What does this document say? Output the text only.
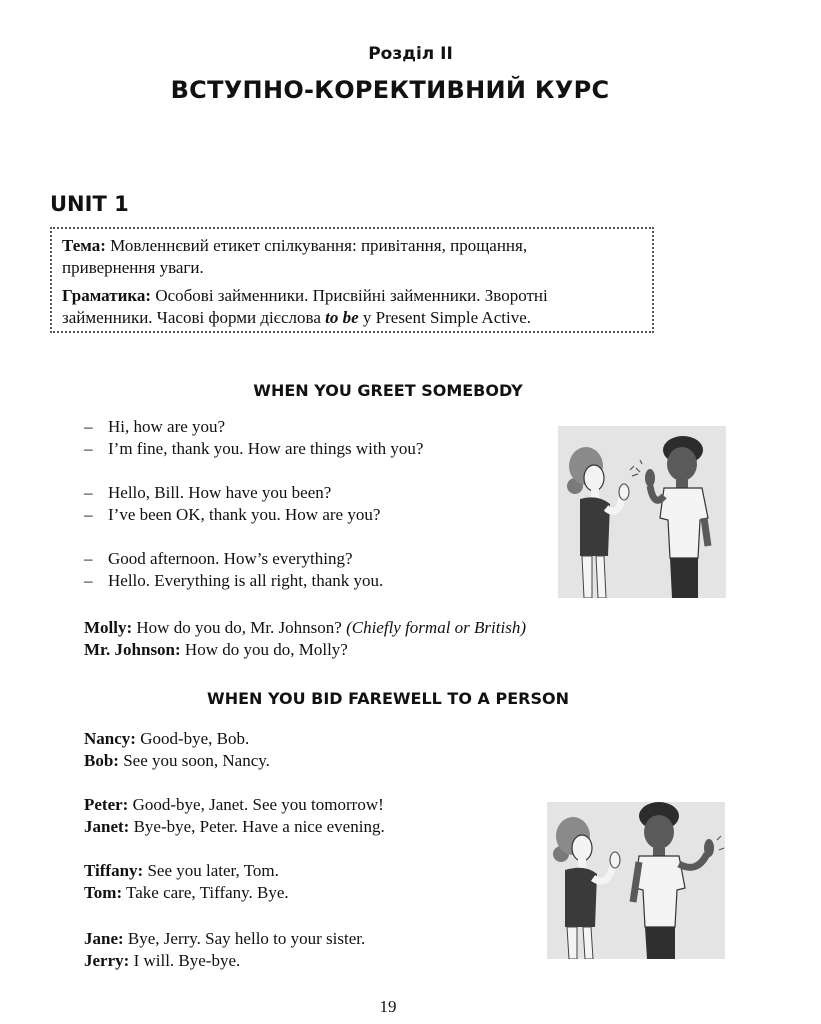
Розділ II
ВСТУПНО-КОРЕКТИВНИЙ КУРС
UNIT 1

Тема: Мовленнєвий етикет спілкування: привітання, прощання,
привернення уваги.

Граматика: Особові займенники. Присвійні займенники. Зворотні
займенники. Часові форми дієслова to be у Present Simple Active.

WHEN YOU GREET SOMEBODY
– Hi, how are you?
– I’m fine, thank you. How are things with you?
– Hello, Bill. How have you been?
– I’ve been OK, thank you. How are you?
– Good afternoon. How’s everything?
– Hello. Everything is all right, thank you.
Molly: How do you do, Mr. Johnson? (Chiefly formal or British)
Mr. Johnson: How do you do, Molly?
WHEN YOU BID FAREWELL TO A PERSON
Nancy: Good-bye, Bob.
Bob: See you soon, Nancy.
Peter: Good-bye, Janet. See you tomorrow!
Janet: Bye-bye, Peter. Have a nice evening.
Tiffany: See you later, Tom.
Tom: Take care, Tiffany. Bye.
Jane: Bye, Jerry. Say hello to your sister.
Jerry: I will. Bye-bye.
19
